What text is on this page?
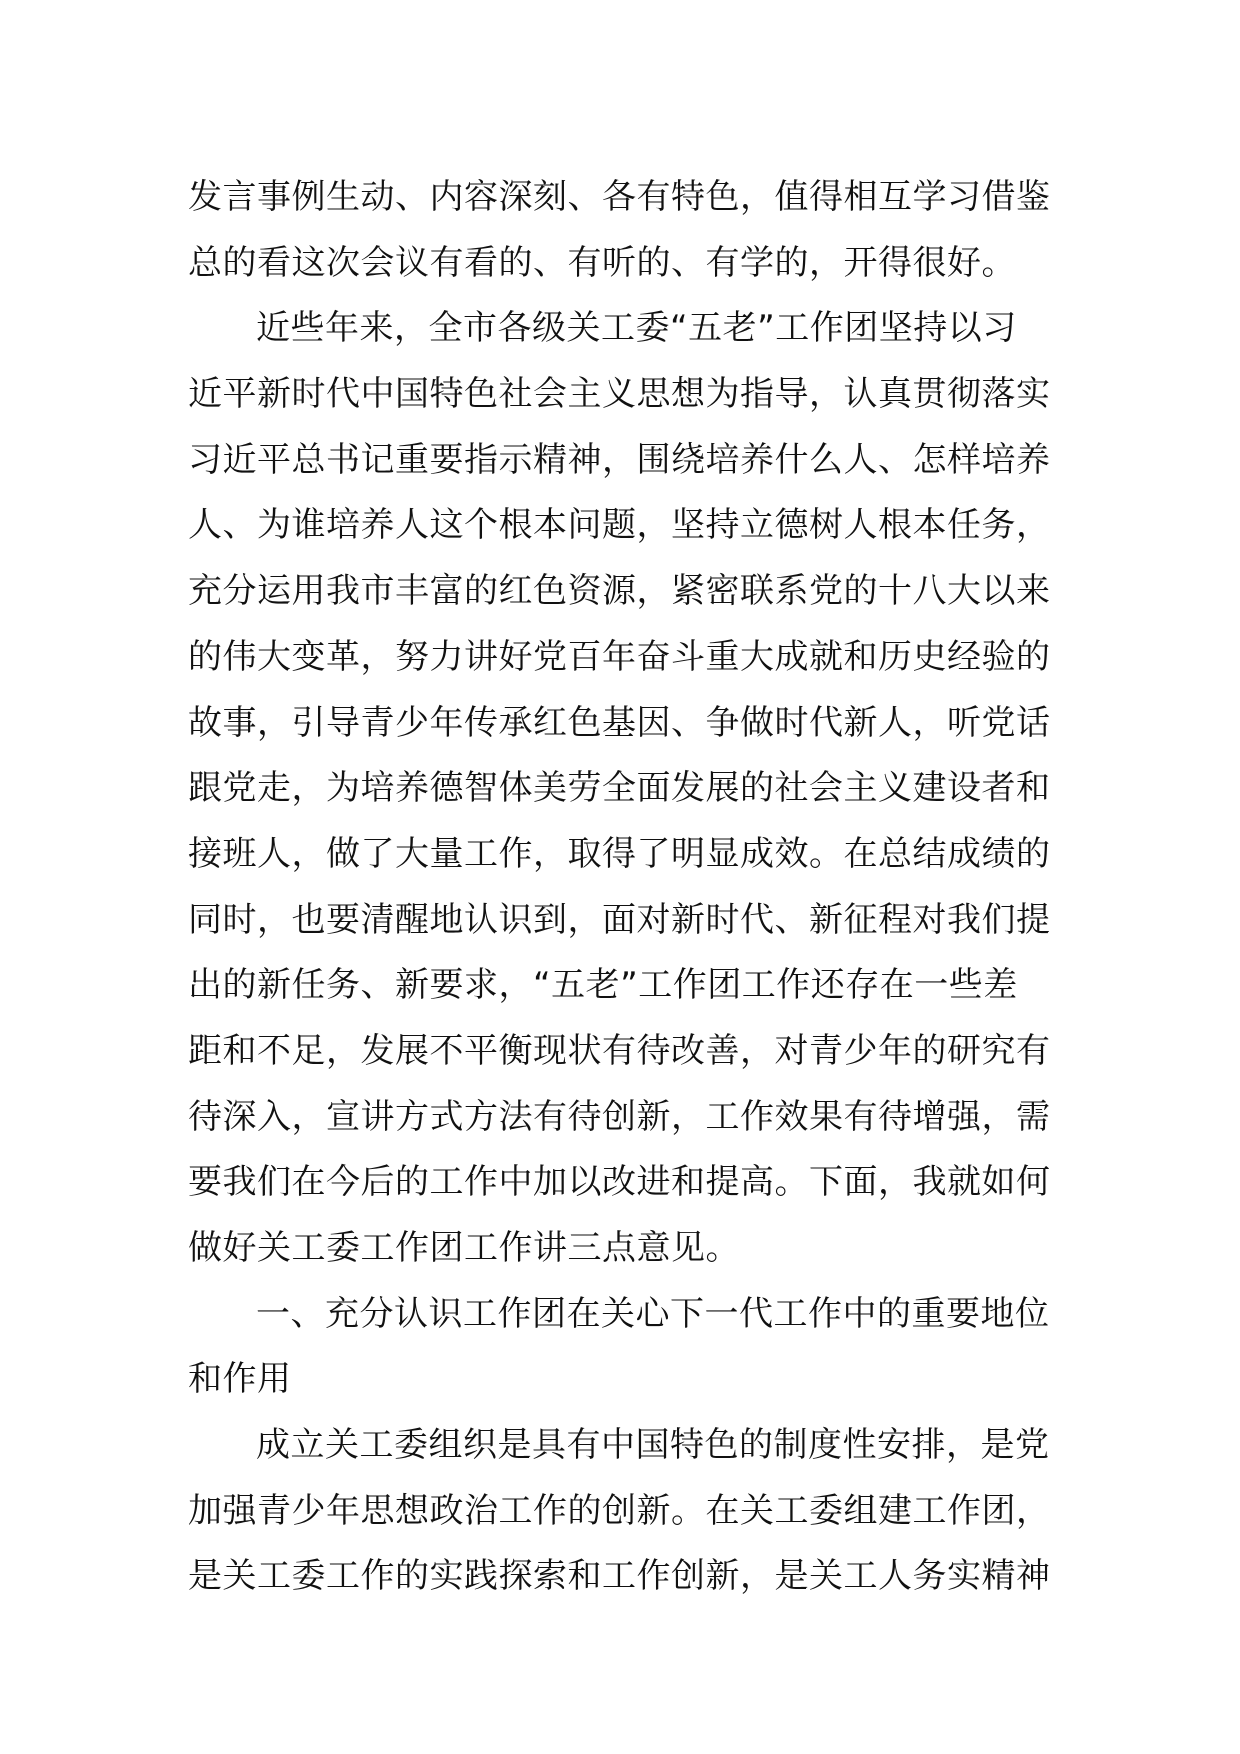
发言事例生动、内容深刻、各有特色，值得相互学习借鉴
总的看这次会议有看的、有听的、有学的，开得很好。
近些年来，全市各级关工委“五老”工作团坚持以习
近平新时代中国特色社会主义思想为指导，认真贯彻落实
习近平总书记重要指示精神，围绕培养什么人、怎样培养
人、为谁培养人这个根本问题，坚持立德树人根本任务，
充分运用我市丰富的红色资源，紧密联系党的十八大以来
的伟大变革，努力讲好党百年奋斗重大成就和历史经验的
故事，引导青少年传承红色基因、争做时代新人，听党话
跟党走，为培养德智体美劳全面发展的社会主义建设者和
接班人，做了大量工作，取得了明显成效。在总结成绩的
同时，也要清醒地认识到，面对新时代、新征程对我们提
出的新任务、新要求，“五老”工作团工作还存在一些差
距和不足，发展不平衡现状有待改善，对青少年的研究有
待深入，宣讲方式方法有待创新，工作效果有待增强，需
要我们在今后的工作中加以改进和提高。下面，我就如何
做好关工委工作团工作讲三点意见。
一、充分认识工作团在关心下一代工作中的重要地位
和作用
成立关工委组织是具有中国特色的制度性安排，是党
加强青少年思想政治工作的创新。在关工委组建工作团，
是关工委工作的实践探索和工作创新，是关工人务实精神
